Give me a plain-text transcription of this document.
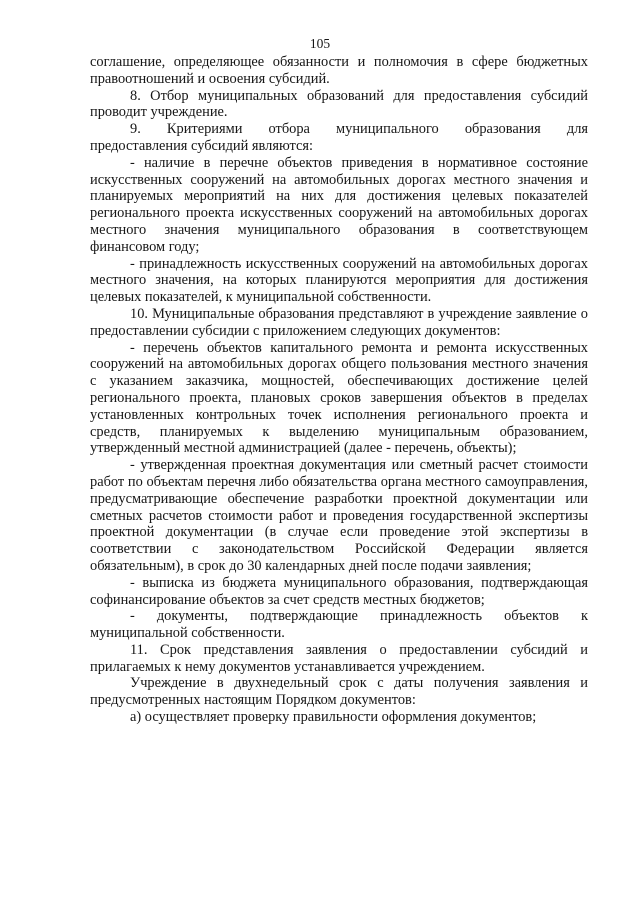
105

соглашение, определяющее обязанности и полномочия в сфере бюджетных правоотношений и освоения субсидий.

8. Отбор муниципальных образований для предоставления субсидий проводит учреждение.

9. Критериями отбора муниципального образования для

предоставления субсидий являются:

- наличие в перечне объектов приведения в нормативное состояние искусственных сооружений на автомобильных дорогах местного значения и планируемых мероприятий на них для достижения целевых показателей регионального проекта искусственных сооружений на автомобильных дорогах местного значения муниципального образования в соответствующем финансовом году;

- принадлежность искусственных сооружений на автомобильных дорогах местного значения, на которых планируются мероприятия для достижения целевых показателей, к муниципальной собственности.

10. Муниципальные образования представляют в учреждение заявление о предоставлении субсидии с приложением следующих документов:

- перечень объектов капитального ремонта и ремонта искусственных сооружений на автомобильных дорогах общего пользования местного значения с указанием заказчика, мощностей, обеспечивающих достижение целей регионального проекта, плановых сроков завершения объектов в пределах установленных контрольных точек исполнения регионального проекта и средств, планируемых к выделению муниципальным образованием, утвержденный местной администрацией (далее - перечень, объекты);

- утвержденная проектная документация или сметный расчет стоимости работ по объектам перечня либо обязательства органа местного самоуправления, предусматривающие обеспечение разработки проектной документации или сметных расчетов стоимости работ и проведения государственной экспертизы проектной документации (в случае если проведение этой экспертизы в соответствии с законодательством Российской Федерации является обязательным), в срок до 30 календарных дней после подачи заявления;

- выписка из бюджета муниципального образования, подтверждающая софинансирование объектов за счет средств местных бюджетов;

- документы, подтверждающие принадлежность объектов к муниципальной собственности.

11. Срок представления заявления о предоставлении субсидий и прилагаемых к нему документов устанавливается учреждением.

Учреждение в двухнедельный срок с даты получения заявления и предусмотренных настоящим Порядком документов:

а) осуществляет проверку правильности оформления документов;
